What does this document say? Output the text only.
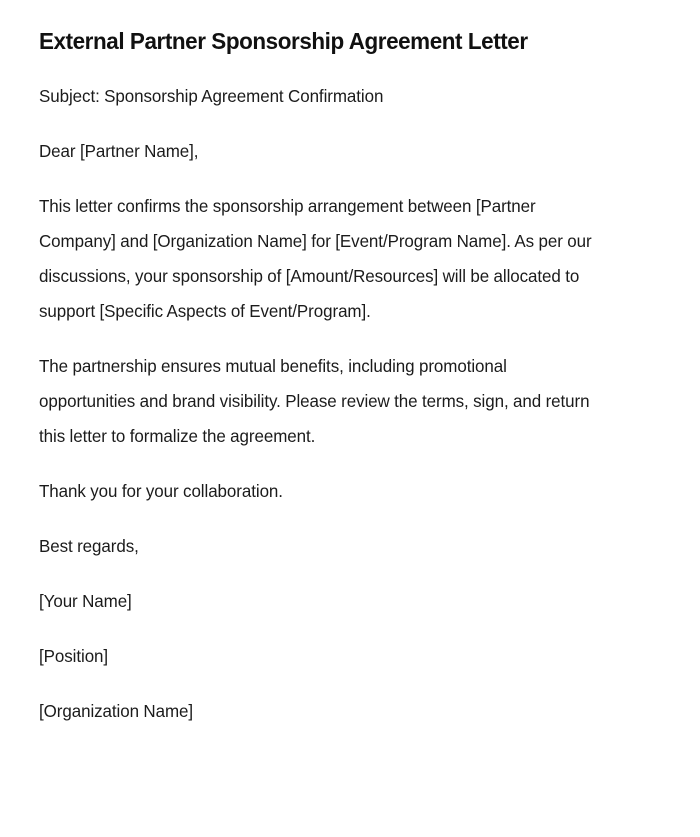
External Partner Sponsorship Agreement Letter

Subject: Sponsorship Agreement Confirmation

Dear [Partner Name],

This letter confirms the sponsorship arrangement between [Partner Company] and [Organization Name] for [Event/Program Name]. As per our discussions, your sponsorship of [Amount/Resources] will be allocated to support [Specific Aspects of Event/Program].

The partnership ensures mutual benefits, including promotional opportunities and brand visibility. Please review the terms, sign, and return this letter to formalize the agreement.

Thank you for your collaboration.

Best regards,

[Your Name]

[Position]

[Organization Name]
